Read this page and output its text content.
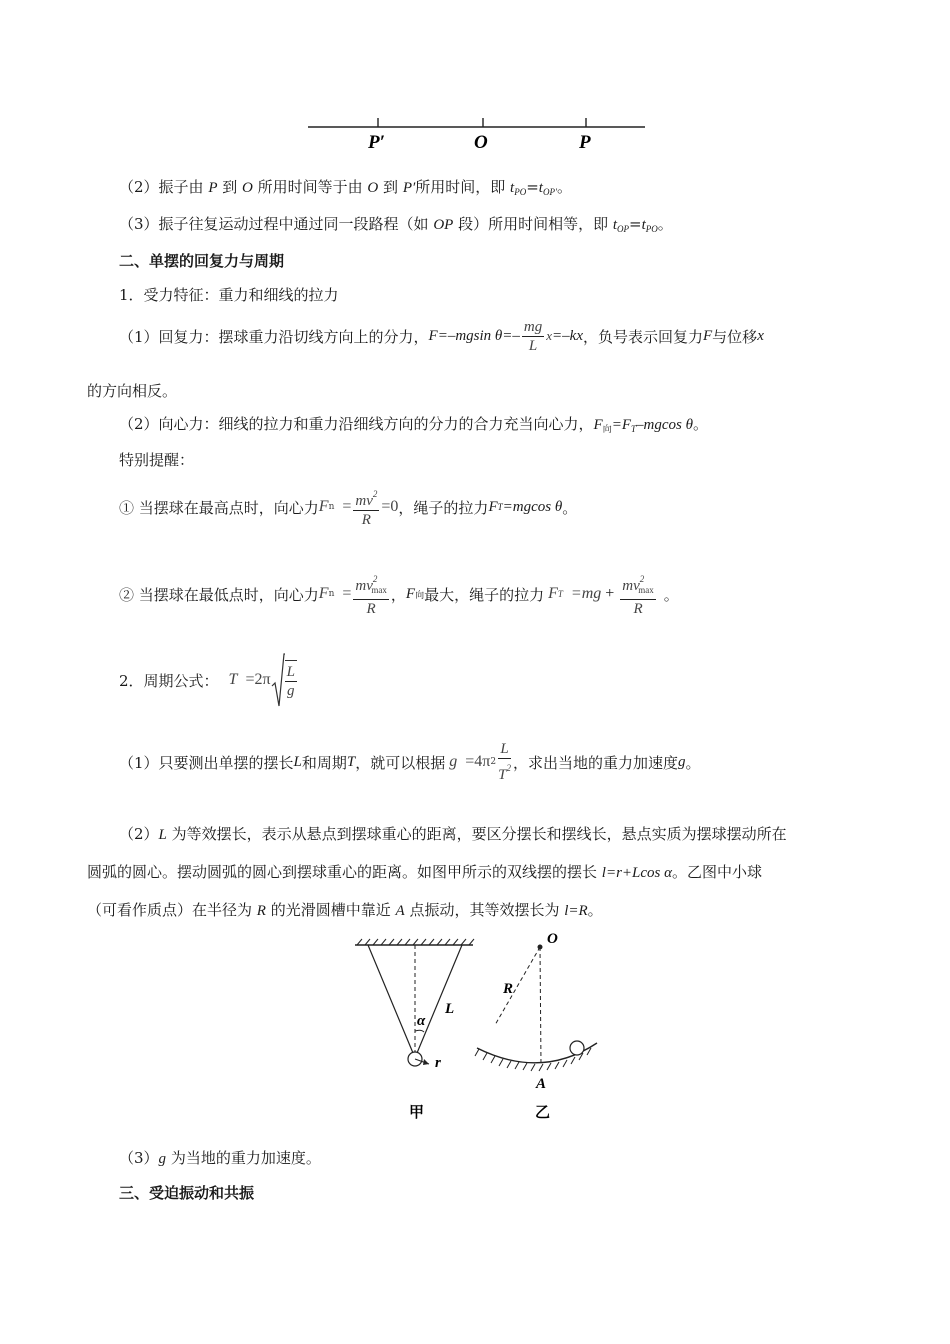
P′	O	P
（2）振子由 P 到 O 所用时间等于由 O 到 P′所用时间，即 $t_{PO}=t_{OP'}$。
（3）振子往复运动过程中通过同一段路程（如 OP 段）所用时间相等，即 $t_{OP}=t_{PO}$。
二、单摆的回复力与周期
1．受力特征：重力和细线的拉力
（1）回复力：摆球重力沿切线方向上的分力， F=–mgsin $\theta=- \frac{mg}{L}$ x =–kx ，负号表示回复力 F 与位移 x
的方向相反。
（2）向心力：细线的拉力和重力沿细线方向的分力的合力充当向心力，$F_向=F_T$–mgcos θ。
特别提醒：
① 当摆球在最高点时，向心力 F $n = \frac{mv^2}{R} =0$ ，绳子的拉力 F T =mgcos θ 。
② 当摆球在最低点时，向心力 F $n = \frac{mv^2_{max}}{R}$ ， F 向 最大，绳子的拉力 F $T =mg + \frac{mv^2_{max}}{R}$ 。
2．周期公式： $T =2\pi \frac{L}{g}$
（1）只要测出单摆的摆长 L 和周期 T ，就可以根据 g =4π $2 \frac{L}{T^2}$ ，求出当地的重力加速度 g 。
（2）L 为等效摆长，表示从悬点到摆球重心的距离，要区分摆长和摆线长，悬点实质为摆球摆动所在
圆弧的圆心。摆动圆弧的圆心到摆球重心的距离。如图甲所示的双线摆的摆长 l=r+Lcos α。乙图中小球
（可看作质点）在半径为 R 的光滑圆槽中靠近 A 点振动，其等效摆长为 l=R。
α
L
r
甲
O
R
A
乙
（3）g 为当地的重力加速度。
三、受迫振动和共振
